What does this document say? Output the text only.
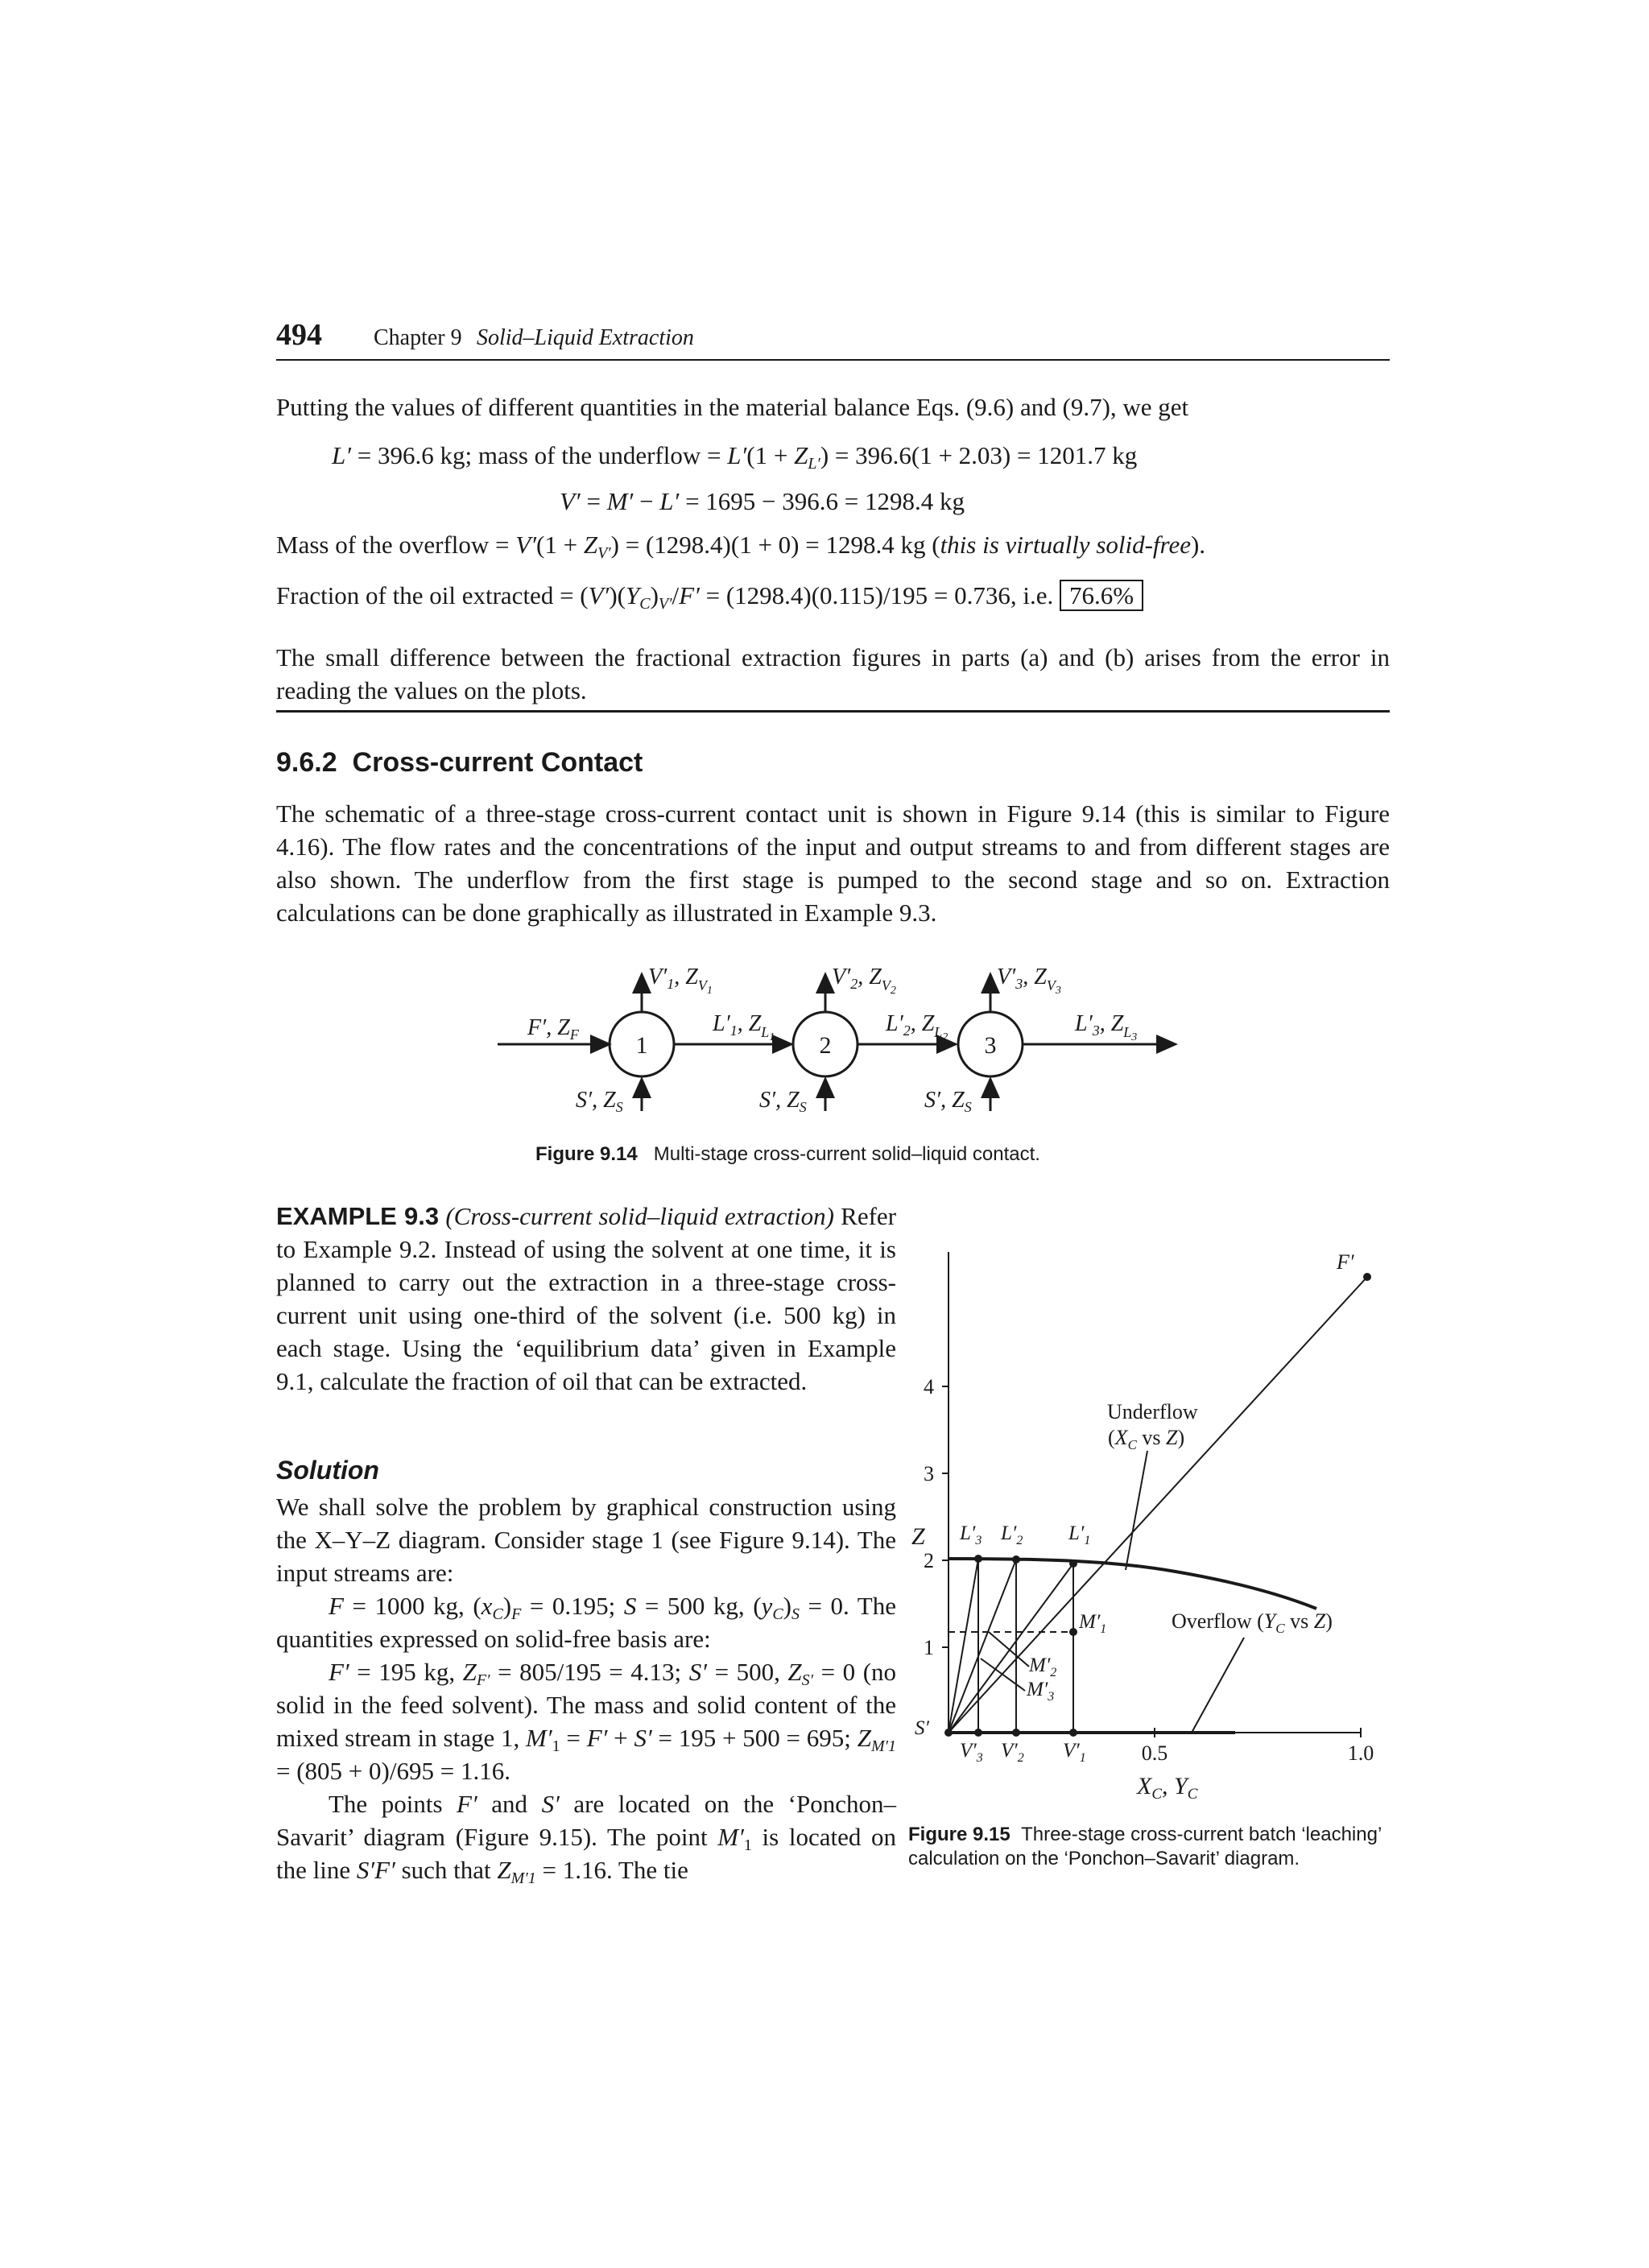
494 Chapter 9 Solid–Liquid Extraction
Putting the values of different quantities in the material balance Eqs. (9.6) and (9.7), we get
L′ = 396.6 kg; mass of the underflow = $L'(1 + Z_{L'}) = 396.6(1 + 2.03) = 1201.7$ kg
V′ = M′ − L′ = 1695 − 396.6 = 1298.4 kg
Mass of the overflow = $V'(1 + Z_{V'}) = (1298.4)(1 + 0) = 1298.4$ kg (this is virtually solid-free).
Fraction of the oil extracted = $(V')(Y_C)_{V'}/F' = (1298.4)(0.115)/195 = 0.736$, i.e. 76.6%
The small difference between the fractional extraction figures in parts (a) and (b) arises from the error in reading the values on the plots.
9.6.2 Cross-current Contact
The schematic of a three-stage cross-current contact unit is shown in Figure 9.14 (this is similar to Figure 4.16). The flow rates and the concentrations of the input and output streams to and from different stages are also shown. The underflow from the first stage is pumped to the second stage and so on. Extraction calculations can be done graphically as illustrated in Example 9.3.
1	2	3
$V'_1$, $Z_V1$
$V'_2$, $Z_V2$
$V'_3$, $Z_V3$
F′, $Z_F$	$L'_1$, $Z_L1$
$L'_2$, $Z_L2$
$L'_3$, $Z_L3$
S′, $Z_S$	S′, $Z_S$	S′, $Z_S$
Figure 9.14 Multi-stage cross-current solid–liquid contact.
EXAMPLE 9.3 (Cross-current solid–liquid extraction) Refer to Example 9.2. Instead of using the solvent at one time, it is planned to carry out the extraction in a three-stage cross-current unit using one-third of the solvent (i.e. 500 kg) in each stage. Using the ‘equilibrium data’ given in Example 9.1, calculate the fraction of oil that can be extracted.
Solution
We shall solve the problem by graphical construction using the X–Y–Z diagram. Consider stage 1 (see Figure 9.14). The input streams are:
F = 1000 kg, $(x_C)_F = 0.195$; S = 500 kg, $(y_C)_S = 0$. The quantities expressed on solid-free basis are:
F′ = 195 kg, $Z_{F'} = 805/195 = 4.13$; S′ = 500, $Z_{S'} = 0$ (no solid in the feed solvent). The mass and solid content of the mixed stream in stage 1, $M'_1 = F' + S' = 195 + 500 = 695$; $Z_{M'1} = (805 + 0)/695 = 1.16$.
The points F′ and S′ are located on the ‘Ponchon–Savarit’ diagram (Figure 9.15). The point $M'_1$ is located on the line S′F′ such that $Z_{M'1} = 1.16$. The tie
1
2
3
4
0.5	1.0
Z
$X_C$, $Y_C$
F′
$L'_3$ $L'_2$ $L'_1$
$M'_1$
$M'_2$
$M'_3$
S′
$V'_3$ $V'_2$ $V'_1$
Underflow
($X_C$ vs Z)
Overflow ($Y_C$ vs Z)
Figure 9.15 Three-stage cross-current batch ‘leaching’ calculation on the ‘Ponchon–Savarit’ diagram.
